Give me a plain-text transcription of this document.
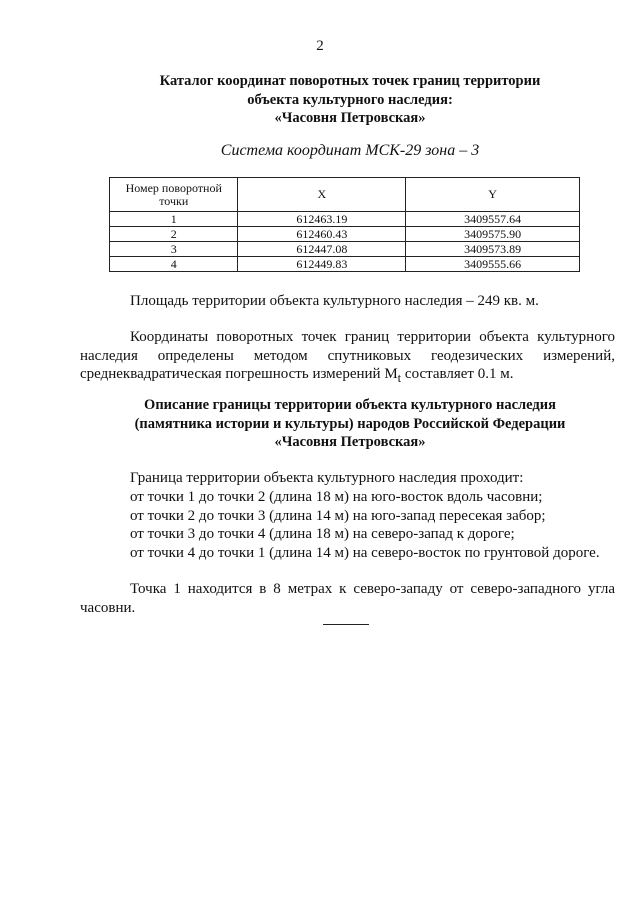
2
Каталог координат поворотных точек границ территории
объекта культурного наследия:
«Часовня Петровская»
Система координат МСК-29 зона – 3
Номер поворотной точки	X	Y
1	612463.19	3409557.64
2	612460.43	3409575.90
3	612447.08	3409573.89
4	612449.83	3409555.66
Площадь территории объекта культурного наследия – 249 кв. м.
Координаты поворотных точек границ территории объекта культурного наследия определены методом спутниковых геодезических измерений, среднеквадратическая погрешность измерений $M_t$ составляет 0.1 м.
Описание границы территории объекта культурного наследия
(памятника истории и культуры) народов Российской Федерации
«Часовня Петровская»
Граница территории объекта культурного наследия проходит:
от точки 1 до точки 2 (длина 18 м) на юго-восток вдоль часовни;
от точки 2 до точки 3 (длина 14 м) на юго-запад пересекая забор;
от точки 3 до точки 4 (длина 18 м) на северо-запад к дороге;
от точки 4 до точки 1 (длина 14 м) на северо-восток по грунтовой дороге.
Точка 1 находится в 8 метрах к северо-западу от северо-западного угла часовни.
